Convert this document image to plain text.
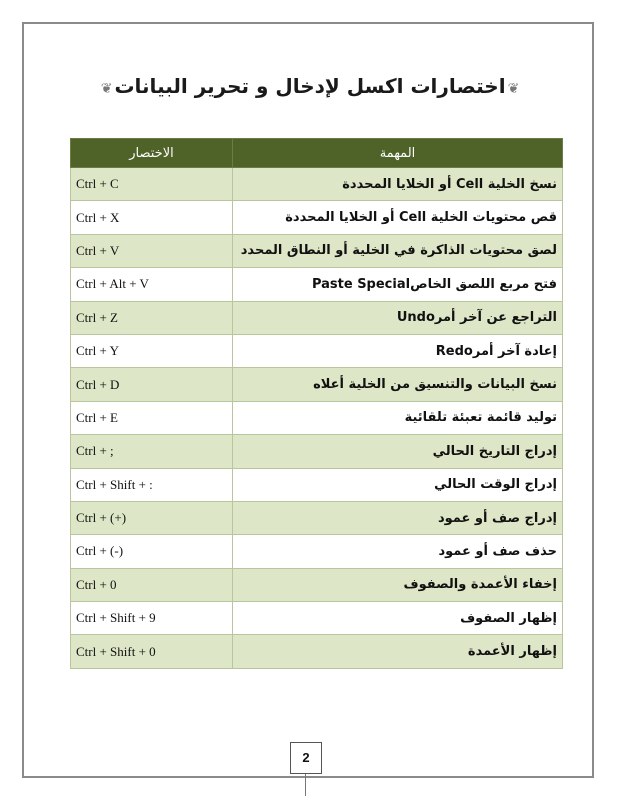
❦اختصارات اكسل لإدخال و تحرير البيانات❦
الاختصار	المهمة
Ctrl + C	نسخ الخلية Cell أو الخلايا المحددة
Ctrl + X	قص محتويات الخلية Cell أو الخلايا المحددة
Ctrl + V	لصق محتويات الذاكرة في الخلية أو النطاق المحدد
Ctrl + Alt + V	فتح مربع اللصق الخاصPaste Special
Ctrl + Z	التراجع عن آخر أمرUndo
Ctrl + Y	إعادة آخر أمرRedo
Ctrl + D	نسخ البيانات والتنسيق من الخلية أعلاه
Ctrl + E	توليد قائمة تعبئة تلقائية
Ctrl + ;	إدراج التاريخ الحالي
Ctrl + Shift + :	إدراج الوقت الحالي
Ctrl + (+)	إدراج صف أو عمود
Ctrl + (-)	حذف صف أو عمود
Ctrl + 0	إخفاء الأعمدة والصفوف
Ctrl + Shift + 9	إظهار الصفوف
Ctrl + Shift + 0	إظهار الأعمدة
2
